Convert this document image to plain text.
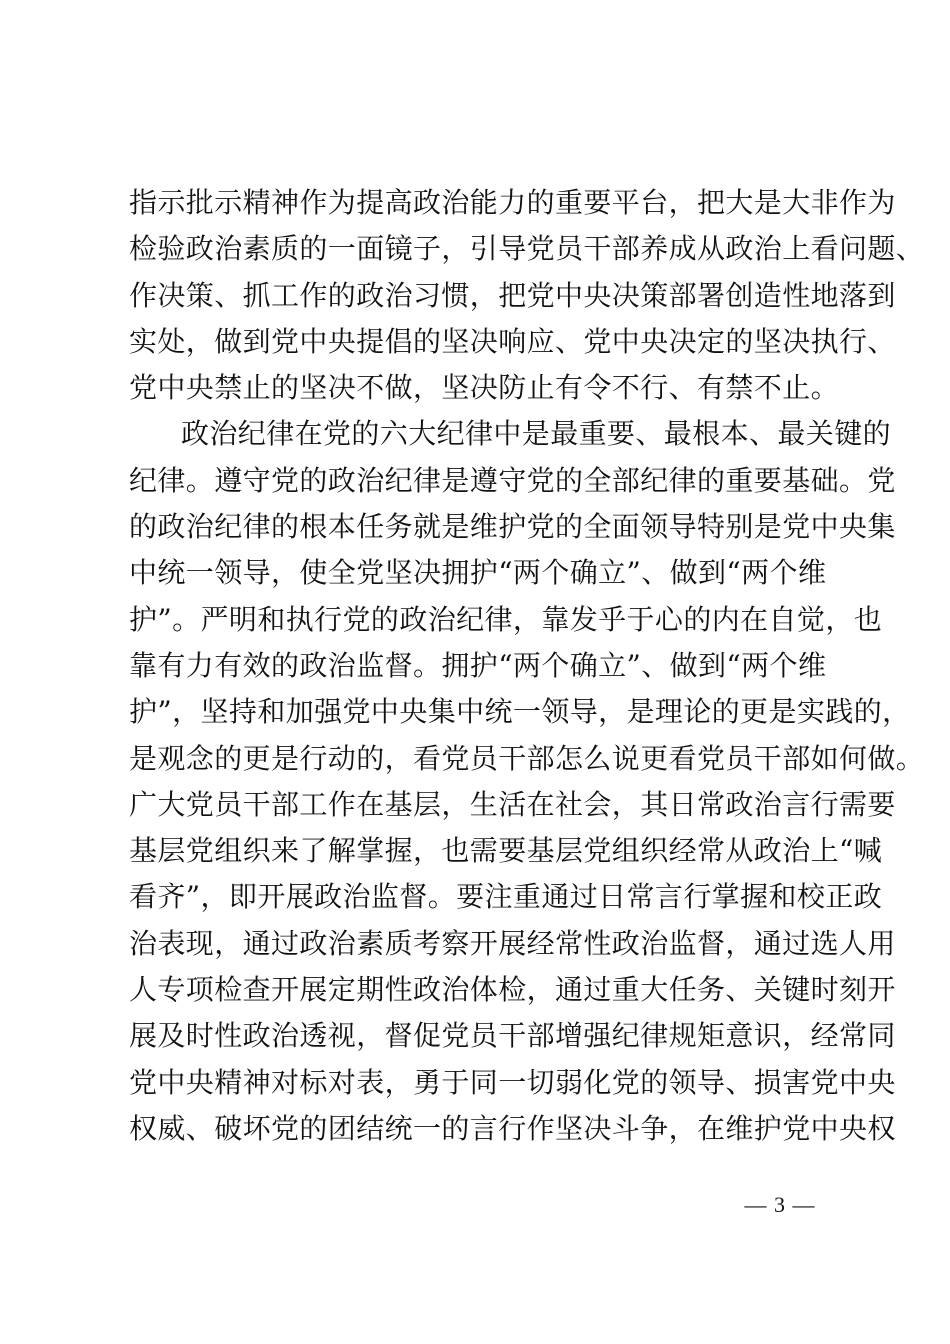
指示批示精神作为提高政治能力的重要平台，把大是大非作为
检验政治素质的一面镜子，引导党员干部养成从政治上看问题、
作决策、抓工作的政治习惯，把党中央决策部署创造性地落到
实处，做到党中央提倡的坚决响应、党中央决定的坚决执行、
党中央禁止的坚决不做，坚决防止有令不行、有禁不止。
政治纪律在党的六大纪律中是最重要、最根本、最关键的
纪律。遵守党的政治纪律是遵守党的全部纪律的重要基础。党
的政治纪律的根本任务就是维护党的全面领导特别是党中央集
中统一领导，使全党坚决拥护“两个确立”、做到“两个维
护”。严明和执行党的政治纪律，靠发乎于心的内在自觉，也
靠有力有效的政治监督。拥护“两个确立”、做到“两个维
护”，坚持和加强党中央集中统一领导，是理论的更是实践的，
是观念的更是行动的，看党员干部怎么说更看党员干部如何做。
广大党员干部工作在基层，生活在社会，其日常政治言行需要
基层党组织来了解掌握，也需要基层党组织经常从政治上“喊
看齐”，即开展政治监督。要注重通过日常言行掌握和校正政
治表现，通过政治素质考察开展经常性政治监督，通过选人用
人专项检查开展定期性政治体检，通过重大任务、关键时刻开
展及时性政治透视，督促党员干部增强纪律规矩意识，经常同
党中央精神对标对表，勇于同一切弱化党的领导、损害党中央
权威、破坏党的团结统一的言行作坚决斗争，在维护党中央权
— 3 —
